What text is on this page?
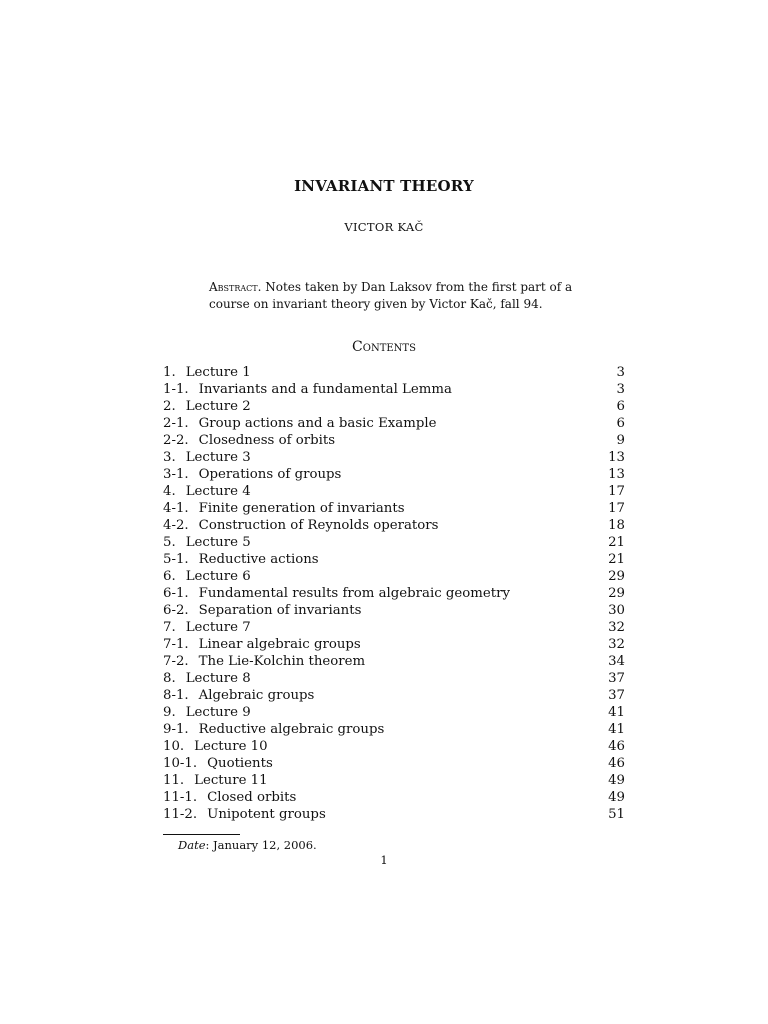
INVARIANT THEORY
VICTOR KAČ
Abstract. Notes taken by Dan Laksov from the first part of a course on invariant theory given by Victor Kač, fall 94.
Contents
1. Lecture 1	3
1-1. Invariants and a fundamental Lemma	3
2. Lecture 2	6
2-1. Group actions and a basic Example	6
2-2. Closedness of orbits	9
3. Lecture 3	13
3-1. Operations of groups	13
4. Lecture 4	17
4-1. Finite generation of invariants	17
4-2. Construction of Reynolds operators	18
5. Lecture 5	21
5-1. Reductive actions	21
6. Lecture 6	29
6-1. Fundamental results from algebraic geometry	29
6-2. Separation of invariants	30
7. Lecture 7	32
7-1. Linear algebraic groups	32
7-2. The Lie-Kolchin theorem	34
8. Lecture 8	37
8-1. Algebraic groups	37
9. Lecture 9	41
9-1. Reductive algebraic groups	41
10. Lecture 10	46
10-1. Quotients	46
11. Lecture 11	49
11-1. Closed orbits	49
11-2. Unipotent groups	51
Date: January 12, 2006.
1
